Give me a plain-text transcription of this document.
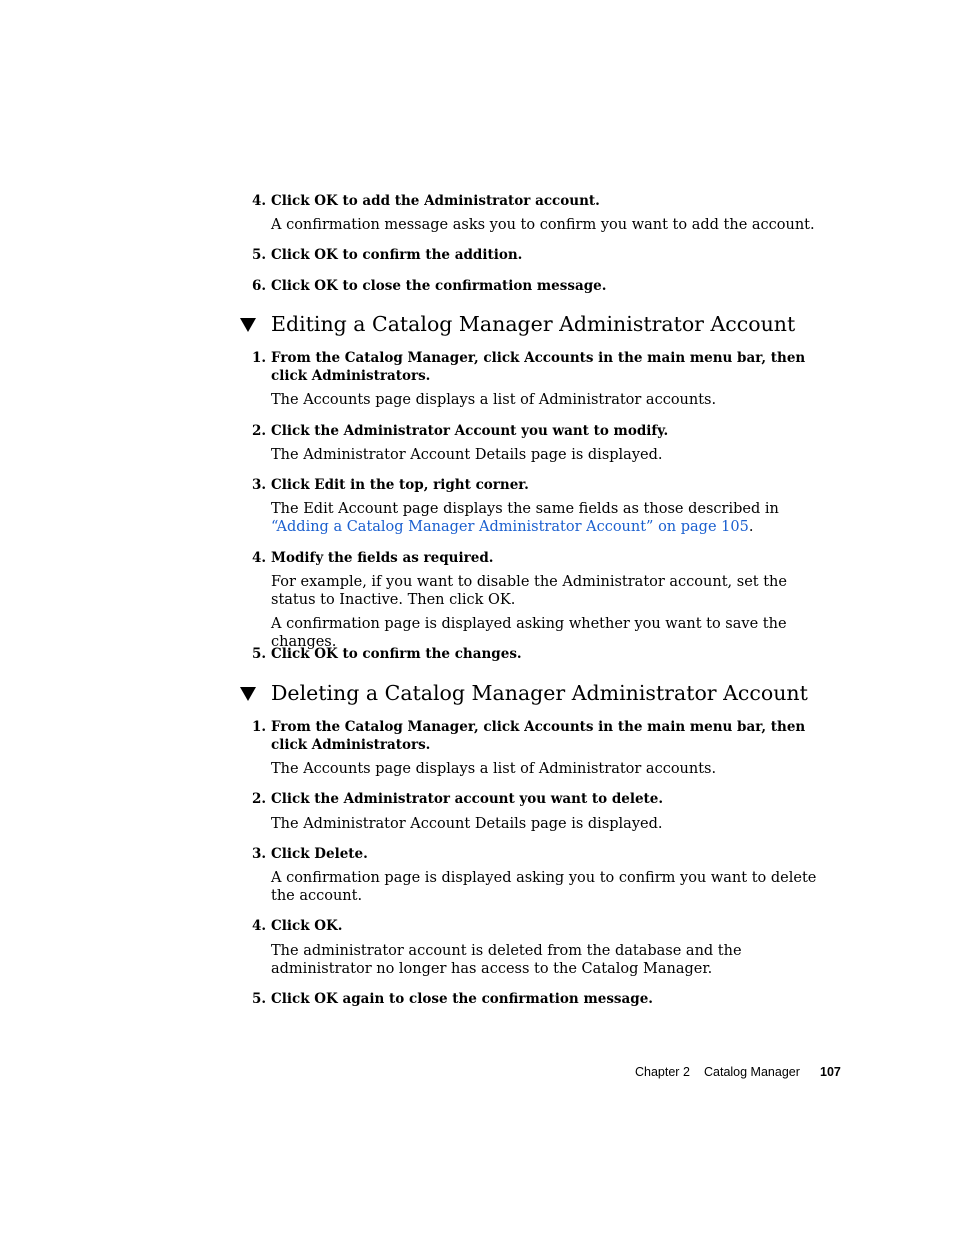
4. Click OK to add the Administrator account.
A confirmation message asks you to confirm you want to add the account.
5. Click OK to confirm the addition.
6. Click OK to close the confirmation message.
Editing a Catalog Manager Administrator Account
1. From the Catalog Manager, click Accounts in the main menu bar, then click Administrators.
The Accounts page displays a list of Administrator accounts.
2. Click the Administrator Account you want to modify.
The Administrator Account Details page is displayed.
3. Click Edit in the top, right corner.
The Edit Account page displays the same fields as those described in “Adding a Catalog Manager Administrator Account” on page 105.
4. Modify the fields as required.
For example, if you want to disable the Administrator account, set the status to Inactive. Then click OK.
A confirmation page is displayed asking whether you want to save the changes.
5. Click OK to confirm the changes.
Deleting a Catalog Manager Administrator Account
1. From the Catalog Manager, click Accounts in the main menu bar, then click Administrators.
The Accounts page displays a list of Administrator accounts.
2. Click the Administrator account you want to delete.
The Administrator Account Details page is displayed.
3. Click Delete.
A confirmation page is displayed asking you to confirm you want to delete the account.
4. Click OK.
The administrator account is deleted from the database and the administrator no longer has access to the Catalog Manager.
5. Click OK again to close the confirmation message.
Chapter 2 Catalog Manager 107
